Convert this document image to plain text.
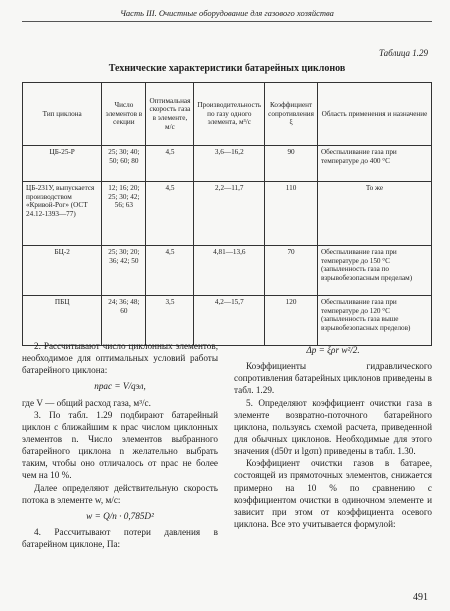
Часть III. Очистные оборудование для газового хозяйства
Таблица 1.29
Технические характеристики батарейных циклонов
Тип циклона	Число элементов в секции	Оптимальная скорость газа в элементе, м/с	Производительность по газу одного элемента, м³/с	Коэффициент сопротивления ξ	Область применения и назначение
ЦБ-25-Р	25; 30; 40; 50; 60; 80	4,5	3,6—16,2	90	Обеспыливание газа при температуре до 400 °С
ЦБ-231У, выпускается производством «Кривой-Рог» (ОСТ 24.12-1393—77)	12; 16; 20; 25; 30; 42; 56; 63	4,5	2,2—11,7	110	То же
БЦ-2	25; 30; 20; 36; 42; 50	4,5	4,81—13,6	70	Обеспыливание газа при температуре до 150 °С (запыленность газа по взрывобезопасным пределам)
ПБЦ	24; 36; 48; 60	3,5	4,2—15,7	120	Обеспыливание газа при температуре до 120 °С (запыленность газа выше взрывобезопасных пределов)

2. Рассчитывают число циклонных элементов, необходимое для оптимальных условий работы батарейного циклона:

nрас = V/qэл,

где V — общий расход газа, м³/с.

3. По табл. 1.29 подбирают батарейный циклон с ближайшим к nрас числом циклонных элементов n. Число элементов выбранного батарейного циклона n желательно выбрать таким, чтобы оно отличалось от nрас не более чем на 10 %.

Далее определяют действительную скорость потока в элементе w, м/с:

w = Q/n · 0,785D²

4. Рассчитывают потери давления в батарейном циклоне, Па:

Δp = ξρr w²/2.

Коэффициенты гидравлического сопротивления батарейных циклонов приведены в табл. 1.29.

5. Определяют коэффициент очистки газа в элементе возвратно-поточного батарейного циклона, пользуясь схемой расчета, приведенной для обычных циклонов. Необходимые для этого значения (d50т и lgσп) приведены в табл. 1.30.

Коэффициент очистки газов в батарее, состоящей из прямоточных элементов, снижается примерно на 10 % по сравнению с коэффициентом очистки в одиночном элементе и зависит при этом от коэффициента осевого циклона. Все это учитывается формулой:

491
